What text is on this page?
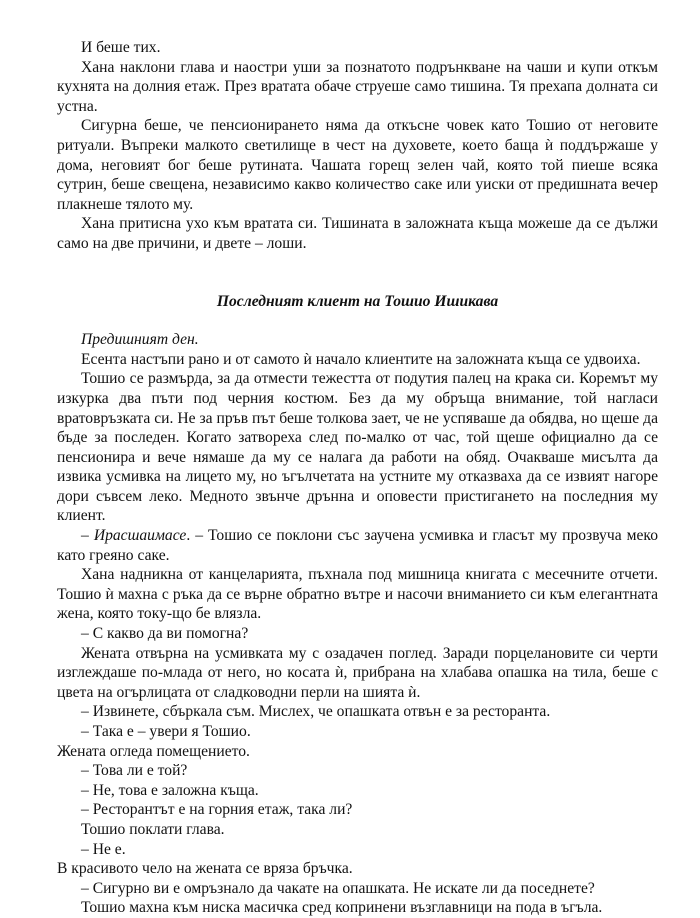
И беше тих.

Хана наклони глава и наостри уши за познатото подрънкване на чаши и купи откъм кухнята на долния етаж. През вратата обаче струеше само тишина. Тя прехапа долната си устна.

Сигурна беше, че пенсионирането няма да откъсне човек като Тошио от неговите ритуали. Въпреки малкото светилище в чест на духовете, което баща ѝ поддържаше у дома, неговият бог беше рутината. Чашата горещ зелен чай, която той пиеше всяка сутрин, беше свещена, независимо какво количество саке или уиски от предишната вечер плакнеше тялото му.

Хана притисна ухо към вратата си. Тишината в заложната къща можеше да се дължи само на две причини, и двете – лоши.

Последният клиент на Тошио Ишикава

Предишният ден.

Есента настъпи рано и от самото ѝ начало клиентите на заложната къща се удвоиха.

Тошио се размърда, за да отмести тежестта от подутия палец на крака си. Коремът му изкурка два пъти под черния костюм. Без да му обръща внимание, той нагласи вратовръзката си. Не за пръв път беше толкова зает, че не успяваше да обядва, но щеше да бъде за последен. Когато затвореха след по-малко от час, той щеше официално да се пенсионира и вече нямаше да му се налага да работи на обяд. Очакваше мисълта да извика усмивка на лицето му, но ъгълчетата на устните му отказваха да се извият нагоре дори съвсем леко. Медното звънче дрънна и оповести пристигането на последния му клиент.

– Ирасшаимасе. – Тошио се поклони със заучена усмивка и гласът му прозвуча меко като греяно саке.

Хана надникна от канцеларията, пъхнала под мишница книгата с месечните отчети. Тошио ѝ махна с ръка да се върне обратно вътре и насочи вниманието си към елегантната жена, която току-що бе влязла.

– С какво да ви помогна?

Жената отвърна на усмивката му с озадачен поглед. Заради порцелановите си черти изглеждаше по-млада от него, но косата ѝ, прибрана на хлабава опашка на тила, беше с цвета на огърлицата от сладководни перли на шията ѝ.

– Извинете, сбъркала съм. Мислех, че опашката отвън е за ресторанта.

– Така е – увери я Тошио.

Жената огледа помещението.

– Това ли е той?

– Не, това е заложна къща.

– Ресторантът е на горния етаж, така ли?

Тошио поклати глава.

– Не е.

В красивото чело на жената се вряза бръчка.

– Сигурно ви е омръзнало да чакате на опашката. Не искате ли да поседнете?

Тошио махна към ниска масичка сред копринени възглавници на пода в ъгъла.
